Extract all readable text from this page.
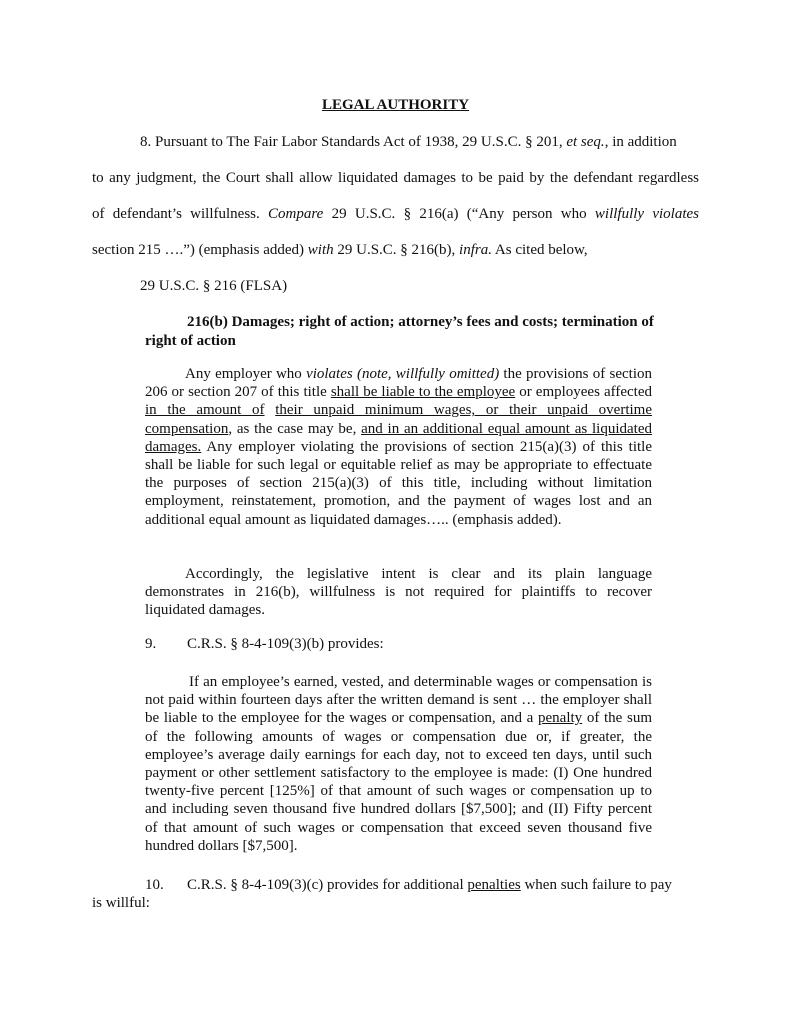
LEGAL AUTHORITY
8. Pursuant to The Fair Labor Standards Act of 1938, 29 U.S.C. § 201, et seq., in addition
to any judgment, the Court shall allow liquidated damages to be paid by the defendant regardless
of defendant’s willfulness. Compare 29 U.S.C. § 216(a) (“Any person who willfully violates
section 215 ….”) (emphasis added) with 29 U.S.C. § 216(b), infra. As cited below,
29 U.S.C. § 216 (FLSA)
216(b) Damages; right of action; attorney’s fees and costs; termination of right of action
Any employer who violates (note, willfully omitted) the provisions of section 206 or section 207 of this title shall be liable to the employee or employees affected in the amount of their unpaid minimum wages, or their unpaid overtime compensation, as the case may be, and in an additional equal amount as liquidated damages. Any employer violating the provisions of section 215(a)(3) of this title shall be liable for such legal or equitable relief as may be appropriate to effectuate the purposes of section 215(a)(3) of this title, including without limitation employment, reinstatement, promotion, and the payment of wages lost and an additional equal amount as liquidated damages….. (emphasis added).
Accordingly, the legislative intent is clear and its plain language demonstrates in 216(b), willfulness is not required for plaintiffs to recover liquidated damages.
9. C.R.S. § 8-4-109(3)(b) provides:
If an employee’s earned, vested, and determinable wages or compensation is not paid within fourteen days after the written demand is sent … the employer shall be liable to the employee for the wages or compensation, and a penalty of the sum of the following amounts of wages or compensation due or, if greater, the employee’s average daily earnings for each day, not to exceed ten days, until such payment or other settlement satisfactory to the employee is made: (I) One hundred twenty-five percent [125%] of that amount of such wages or compensation up to and including seven thousand five hundred dollars [$7,500]; and (II) Fifty percent of that amount of such wages or compensation that exceed seven thousand five hundred dollars [$7,500].
10. C.R.S. § 8-4-109(3)(c) provides for additional penalties when such failure to pay
is willful:
